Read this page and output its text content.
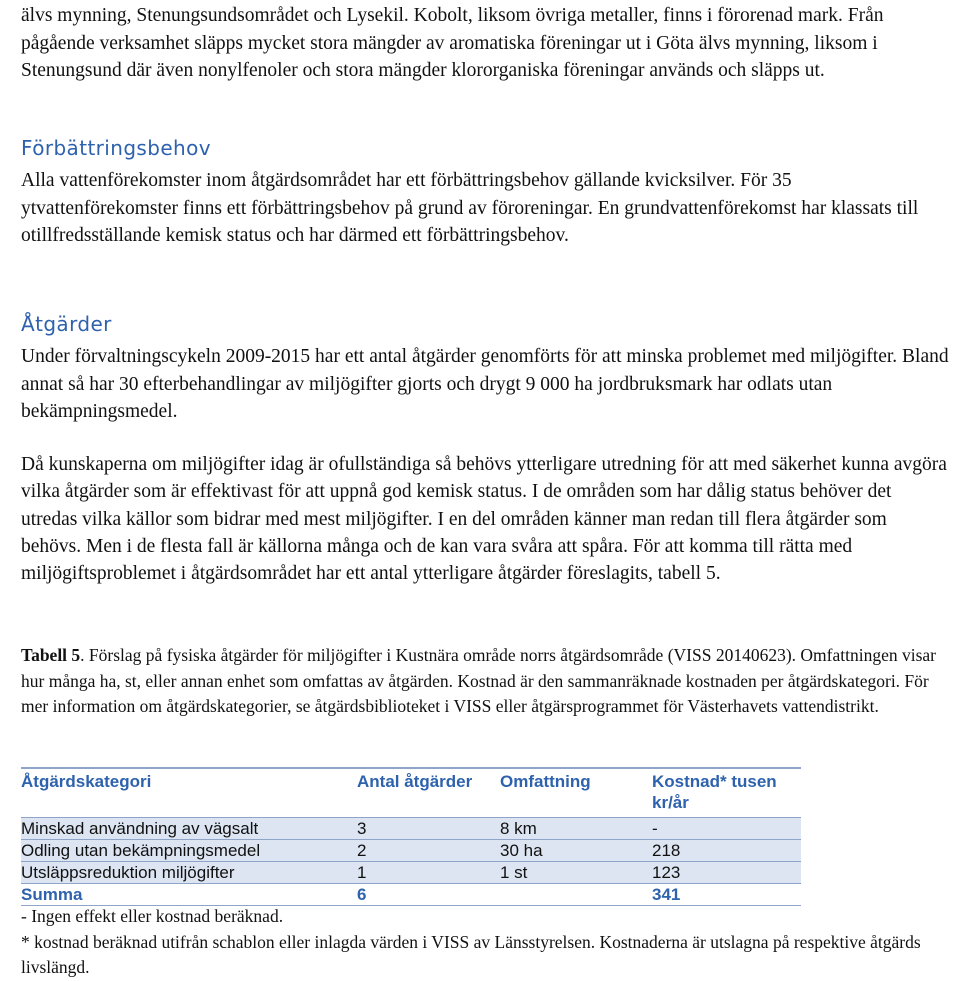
älvs mynning, Stenungsundsområdet och Lysekil. Kobolt, liksom övriga metaller, finns i förorenad mark. Från pågående verksamhet släpps mycket stora mängder av aromatiska föreningar ut i Göta älvs mynning, liksom i Stenungsund där även nonylfenoler och stora mängder klororganiska föreningar används och släpps ut.
Förbättringsbehov
Alla vattenförekomster inom åtgärdsområdet har ett förbättringsbehov gällande kvicksilver. För 35 ytvattenförekomster finns ett förbättringsbehov på grund av föroreningar. En grundvattenförekomst har klassats till otillfredsställande kemisk status och har därmed ett förbättringsbehov.
Åtgärder
Under förvaltningscykeln 2009-2015 har ett antal åtgärder genomförts för att minska problemet med miljögifter. Bland annat så har 30 efterbehandlingar av miljögifter gjorts och drygt 9 000 ha jordbruksmark har odlats utan bekämpningsmedel.
Då kunskaperna om miljögifter idag är ofullständiga så behövs ytterligare utredning för att med säkerhet kunna avgöra vilka åtgärder som är effektivast för att uppnå god kemisk status. I de områden som har dålig status behöver det utredas vilka källor som bidrar med mest miljögifter. I en del områden känner man redan till flera åtgärder som behövs. Men i de flesta fall är källorna många och de kan vara svåra att spåra. För att komma till rätta med miljögiftsproblemet i åtgärdsområdet har ett antal ytterligare åtgärder föreslagits, tabell 5.
Tabell 5. Förslag på fysiska åtgärder för miljögifter i Kustnära område norrs åtgärdsområde (VISS 20140623). Omfattningen visar hur många ha, st, eller annan enhet som omfattas av åtgärden. Kostnad är den sammanräknade kostnaden per åtgärdskategori. För mer information om åtgärdskategorier, se åtgärdsbiblioteket i VISS eller åtgärsprogrammet för Västerhavets vattendistrikt.
Åtgärdskategori	Antal åtgärder	Omfattning	Kostnad* tusen kr/år
Minskad användning av vägsalt	3	8 km	-
Odling utan bekämpningsmedel	2	30 ha	218
Utsläppsreduktion miljögifter	1	1 st	123
Summa	6		341
- Ingen effekt eller kostnad beräknad.
* kostnad beräknad utifrån schablon eller inlagda värden i VISS av Länsstyrelsen. Kostnaderna är utslagna på respektive åtgärds livslängd.
